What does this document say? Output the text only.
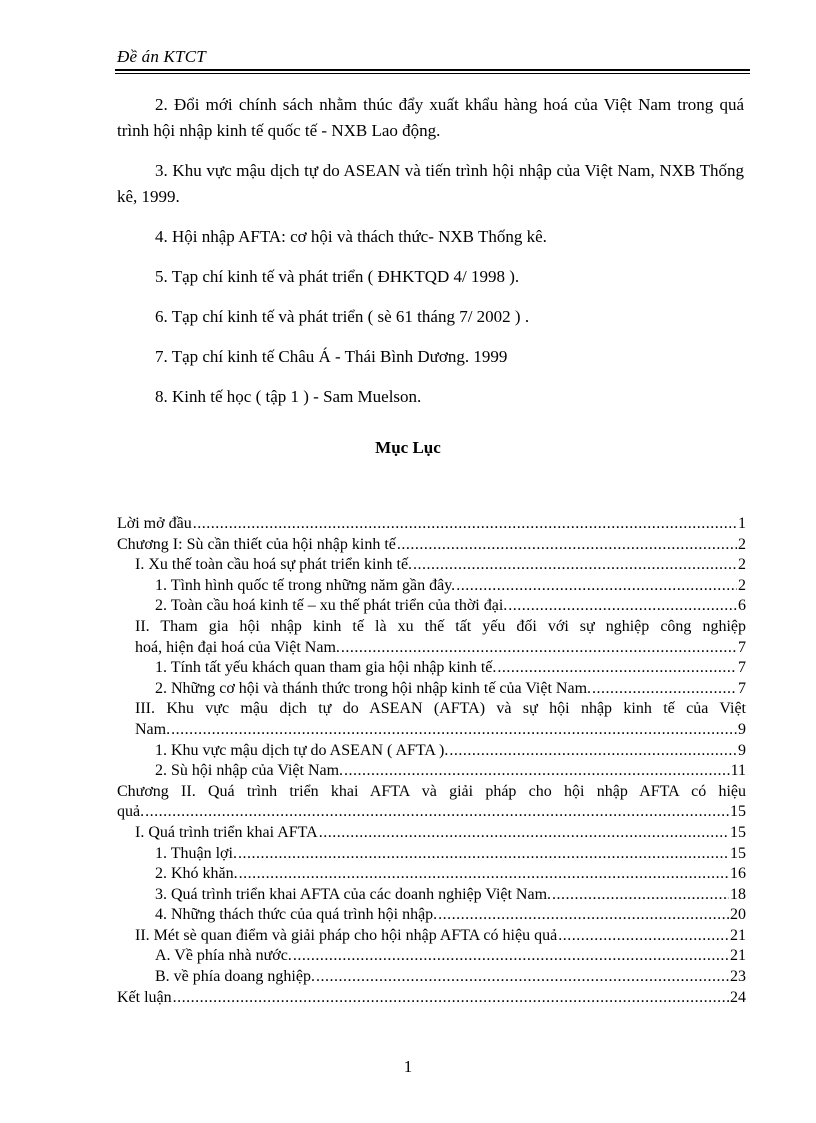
Đề án KTCT

2. Đổi mới chính sách nhằm thúc đẩy xuất khẩu hàng hoá của Việt Nam trong quá trình hội nhập kinh tế quốc tế - NXB Lao động.

3. Khu vực mậu dịch tự do ASEAN và tiến trình hội nhập của Việt Nam, NXB Thống kê, 1999.

4. Hội nhập AFTA: cơ hội và thách thức- NXB Thống kê.

5. Tạp chí kinh tế và phát triển ( ĐHKTQD 4/ 1998 ).

6. Tạp chí kinh tế và phát triển ( sè 61 tháng 7/ 2002 ) .

7. Tạp chí kinh tế Châu Á - Thái Bình Dương. 1999

8. Kinh tế học ( tập 1 ) - Sam Muelson.

Mục Lục
Lời mở đầu .....	1
Chương I: Sù cần thiết của hội nhập kinh tế .....	2
I. Xu thế toàn cầu hoá sự phát triển kinh tế. .....	2
1. Tình hình quốc tế trong những năm gần đây. .....	2
2. Toàn cầu hoá kinh tế – xu thế phát triển của thời đại. .....	6
II. Tham gia hội nhập kinh tế là xu thế tất yếu đối với sự nghiệp công nghiệp
hoá, hiện đại hoá của Việt Nam. .....	7
1. Tính tất yếu khách quan tham gia hội nhập kinh tế. .....	7
2. Những cơ hội và thánh thức trong hội nhập kinh tế của Việt Nam. .....	7
III. Khu vực mậu dịch tự do ASEAN (AFTA) và sự hội nhập kinh tế của Việt
Nam. .....	9
1. Khu vực mậu dịch tự do ASEAN ( AFTA ). .....	9
2. Sù hội nhập của Việt Nam. .....	11
Chương II. Quá trình triển khai AFTA và giải pháp cho hội nhập AFTA có hiệu
quả. .....	15
I. Quá trình triển khai AFTA .....	15
1. Thuận lợi. .....	15
2. Khó khăn. .....	16
3. Quá trình triển khai AFTA của các doanh nghiệp Việt Nam. .....	18
4. Những thách thức của quá trình hội nhập. .....	20
II. Mét sè quan điểm và giải pháp cho hội nhập AFTA có hiệu quả .....	21
A. Về phía nhà nước. .....	21
B. về phía doang nghiệp. .....	23
Kết luận .....	24
1
